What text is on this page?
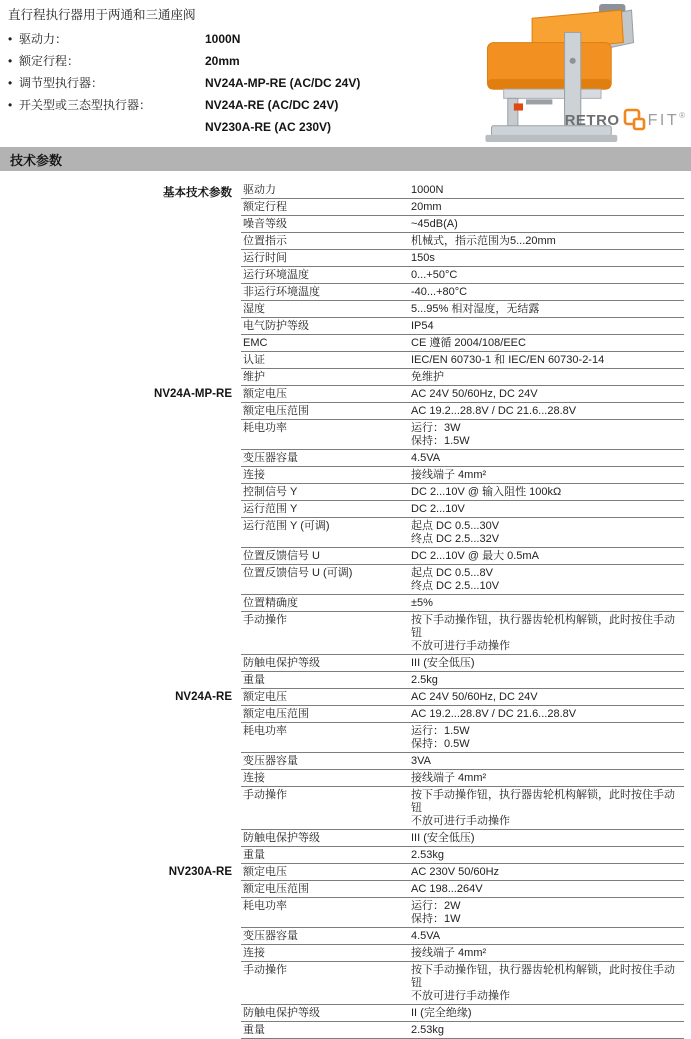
直行程执行器用于两通和三通座阀
• 驱动力：	1000N
• 额定行程：	20mm
• 调节型执行器：	NV24A-MP-RE (AC/DC 24V)
• 开关型或三态型执行器：	NV24A-RE (AC/DC 24V)
NV230A-RE (AC 230V)	RETRO FIT ®
技术参数
基本技术参数	驱动力	1000N
额定行程	20mm
噪音等级	~45dB(A)
位置指示	机械式，指示范围为5...20mm
运行时间	150s
运行环境温度	0...+50°C
非运行环境温度	-40...+80°C
湿度	5...95% 相对湿度，无结露
电气防护等级	IP54
EMC	CE 遵循 2004/108/EEC
认证	IEC/EN 60730-1 和 IEC/EN 60730-2-14
维护	免维护
NV24A-MP-RE	额定电压	AC 24V 50/60Hz, DC 24V
额定电压范围	AC 19.2...28.8V / DC 21.6...28.8V
耗电功率	运行：3W
保持：1.5W
变压器容量	4.5VA
连接	接线端子 4mm²
控制信号 Y	DC 2...10V @ 输入阻性 100kΩ
运行范围 Y	DC 2...10V
运行范围 Y (可调)	起点 DC 0.5...30V
终点 DC 2.5...32V
位置反馈信号 U	DC 2...10V @ 最大 0.5mA
位置反馈信号 U (可调)	起点 DC 0.5...8V
终点 DC 2.5...10V
位置精确度	±5%
手动操作	按下手动操作钮，执行器齿轮机构解锁，此时按住手动钮
不放可进行手动操作
防触电保护等级	III (安全低压)
重量	2.5kg
NV24A-RE	额定电压	AC 24V 50/60Hz, DC 24V
额定电压范围	AC 19.2...28.8V / DC 21.6...28.8V
耗电功率	运行：1.5W
保持：0.5W
变压器容量	3VA
连接	接线端子 4mm²
手动操作	按下手动操作钮，执行器齿轮机构解锁，此时按住手动钮
不放可进行手动操作
防触电保护等级	III (安全低压)
重量	2.53kg
NV230A-RE	额定电压	AC 230V 50/60Hz
额定电压范围	AC 198...264V
耗电功率	运行：2W
保持：1W
变压器容量	4.5VA
连接	接线端子 4mm²
手动操作	按下手动操作钮，执行器齿轮机构解锁，此时按住手动钮
不放可进行手动操作
防触电保护等级	II (完全绝缘)
重量	2.53kg
